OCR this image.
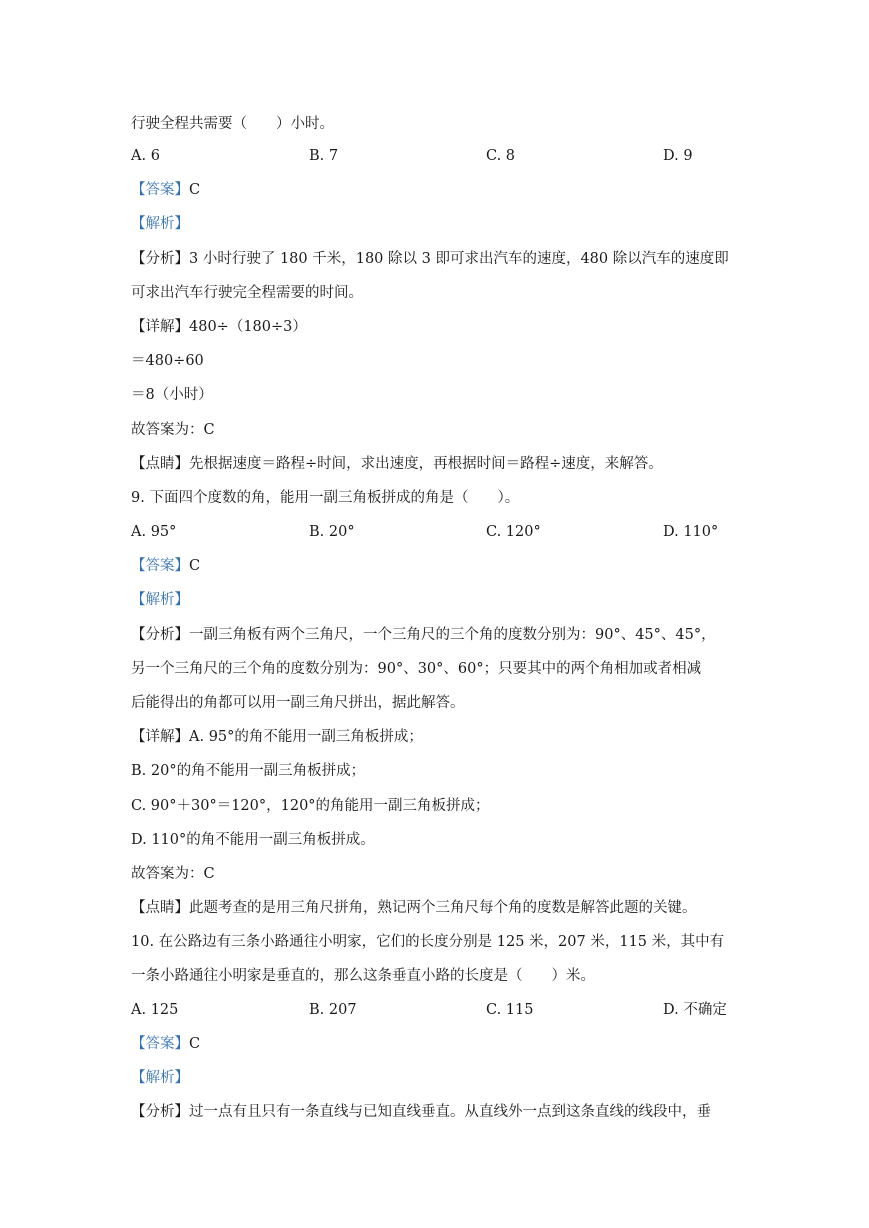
行驶全程共需要（　　）小时。
A. 6	B. 7	C. 8	D. 9
【答案】C
【解析】
【分析】3 小时行驶了 180 千米，180 除以 3 即可求出汽车的速度，480 除以汽车的速度即
可求出汽车行驶完全程需要的时间。
【详解】480÷（180÷3）
＝480÷60
＝8（小时）
故答案为：C
【点睛】先根据速度＝路程÷时间，求出速度，再根据时间＝路程÷速度，来解答。
9. 下面四个度数的角，能用一副三角板拼成的角是（　　）。
A. 95°	B. 20°	C. 120°	D. 110°
【答案】C
【解析】
【分析】一副三角板有两个三角尺，一个三角尺的三个角的度数分别为：90°、45°、45°，
另一个三角尺的三个角的度数分别为：90°、30°、60°；只要其中的两个角相加或者相减
后能得出的角都可以用一副三角尺拼出，据此解答。
【详解】A. 95°的角不能用一副三角板拼成；
B. 20°的角不能用一副三角板拼成；
C. 90°＋30°＝120°，120°的角能用一副三角板拼成；
D. 110°的角不能用一副三角板拼成。
故答案为：C
【点睛】此题考查的是用三角尺拼角，熟记两个三角尺每个角的度数是解答此题的关键。
10. 在公路边有三条小路通往小明家，它们的长度分别是 125 米，207 米，115 米，其中有
一条小路通往小明家是垂直的，那么这条垂直小路的长度是（　　）米。
A. 125	B. 207	C. 115	D. 不确定
【答案】C
【解析】
【分析】过一点有且只有一条直线与已知直线垂直。从直线外一点到这条直线的线段中，垂
